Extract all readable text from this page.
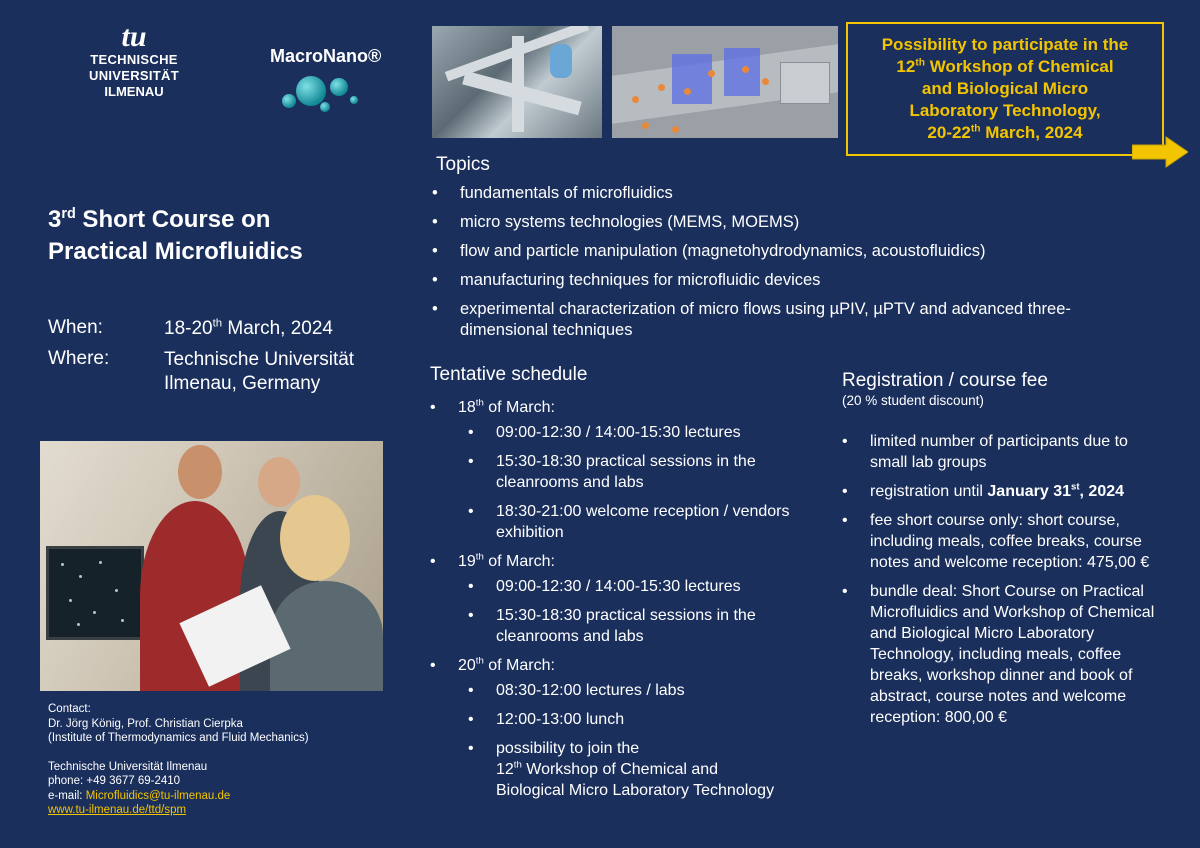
tu
TECHNISCHE UNIVERSITÄT
ILMENAU
MacroNano®
Possibility to participate in the
12th Workshop of Chemical
and Biological Micro
Laboratory Technology,
20-22th March, 2024
3rd Short Course on
Practical Microfluidics
When:	18-20th March, 2024
Where:	Technische Universität
Ilmenau, Germany
Contact:
Dr. Jörg König, Prof. Christian Cierpka
(Institute of Thermodynamics and Fluid Mechanics)
Technische Universität Ilmenau
phone: +49 3677 69-2410
e-mail: Microfluidics@tu-ilmenau.de
www.tu-ilmenau.de/ttd/spm
Topics
• fundamentals of microfluidics
• micro systems technologies (MEMS, MOEMS)
• flow and particle manipulation (magnetohydrodynamics, acoustofluidics)
• manufacturing techniques for microfluidic devices
• experimental characterization of micro flows using µPIV, µPTV and advanced three-dimensional techniques
Tentative schedule
• 18th of March:
• 09:00-12:30 / 14:00-15:30 lectures
• 15:30-18:30 practical sessions in the cleanrooms and labs
• 18:30-21:00 welcome reception / vendors exhibition
• 19th of March:
• 09:00-12:30 / 14:00-15:30 lectures
• 15:30-18:30 practical sessions in the cleanrooms and labs
• 20th of March:
• 08:30-12:00 lectures / labs
• 12:00-13:00 lunch
• possibility to join the
12th Workshop of Chemical and
Biological Micro Laboratory Technology
Registration / course fee
(20 % student discount)
• limited number of participants due to small lab groups
• registration until January 31st, 2024
• fee short course only: short course, including meals, coffee breaks, course notes and welcome reception: 475,00 €
• bundle deal: Short Course on Practical Microfluidics and Workshop of Chemical and Biological Micro Laboratory Technology, including meals, coffee breaks, workshop dinner and book of abstract, course notes and welcome reception: 800,00 €
